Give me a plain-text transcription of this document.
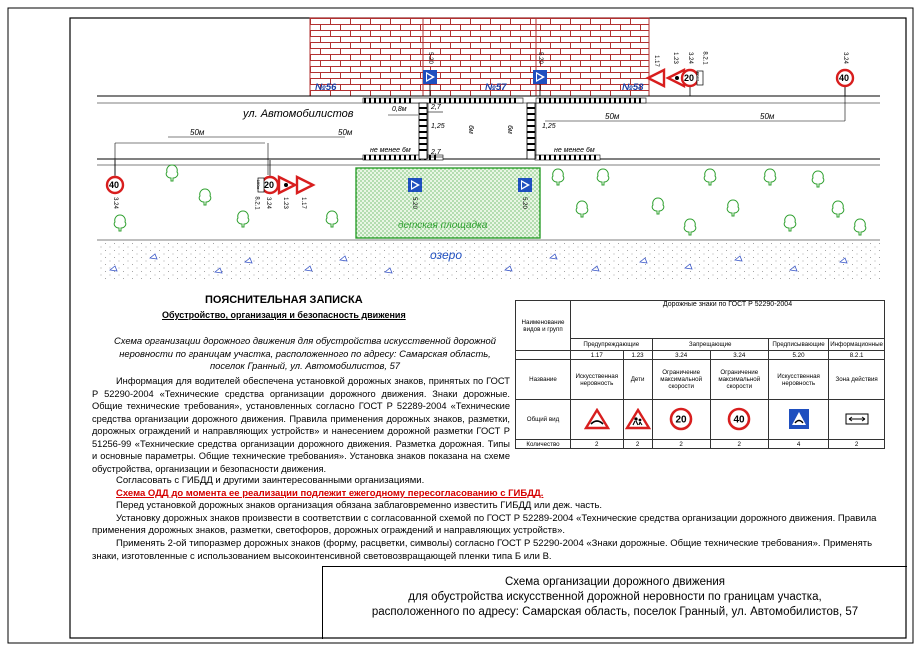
№56	№57	№58
ул. Автомобилистов
детская площадка
озеро
50м	50м
50м	50м
0,8м	2,7
2,7
1,25	1,25
6м	6м
не менее 6м	не менее 6м
5.20	5.20	1.17 1.23 3.24 8.2.1	3.24
3.24	3.24
8.2.1	1.23 1.17	5.20	5.20
20	40
40	20
150м
150м
ПОЯСНИТЕЛЬНАЯ ЗАПИСКА
Обустройство, организация и безопасность движения
Схема организации дорожного движения для обустройства искусственной дорожной неровности по границам участка, расположенного по адресу: Самарская область, поселок Гранный, ул. Автомобилистов, 57
Информация для водителей обеспечена установкой дорожных знаков, принятых по ГОСТ Р 52290-2004 «Технические средства организации дорожного движения. Знаки дорожные. Общие технические требования», установленных согласно ГОСТ Р 52289-2004 «Технические средства организации дорожного движения. Правила применения дорожных знаков, разметки, дорожных ограждений и направляющих устройств» и нанесением дорожной разметки ГОСТ Р 51256-99 «Технические средства организации дорожного движения. Разметка дорожная. Типы и основные параметры. Общие технические требования». Установка знаков показана на схеме обустройства, организации и безопасности движения.

Согласовать с ГИБДД и другими заинтересованными организациями.

Схема ОДД до момента ее реализации подлежит ежегодному пересогласованию с ГИБДД.

Перед установкой дорожных знаков организация обязана заблаговременно известить ГИБДД или деж. часть.

Установку дорожных знаков произвести в соответствии с согласованной схемой по ГОСТ Р 52289-2004 «Технические средства организации дорожного движения. Правила применения дорожных знаков, разметки, светофоров, дорожных ограждений и направляющих устройств».

Применять 2-ой типоразмер дорожных знаков (форму, расцветки, символы) согласно ГОСТ Р 52290-2004 «Знаки дорожные. Общие технические требования». Применять знаки, изготовленные с использованием высокоинтенсивной световозвращающей пленки типа Б или В.

Наименование видов и групп	Дорожные знаки по ГОСТ Р 52290-2004					
	Предупреждающие		Запрещающие		Предписывающие	Информационные
	1.17	1.23	3.24	3.24	5.20	8.2.1
Название	Искусственная неровность	Дети	Ограничение максимальной скорости	Ограничение максимальной скорости	Искусственная неровность	Зона действия
Общий вид			20	40

Количество	2	2	2	2	4	2
Схема организации дорожного движения
для обустройства искусственной дорожной неровности по границам участка,
расположенного по адресу: Самарская область, поселок Гранный, ул. Автомобилистов, 57
